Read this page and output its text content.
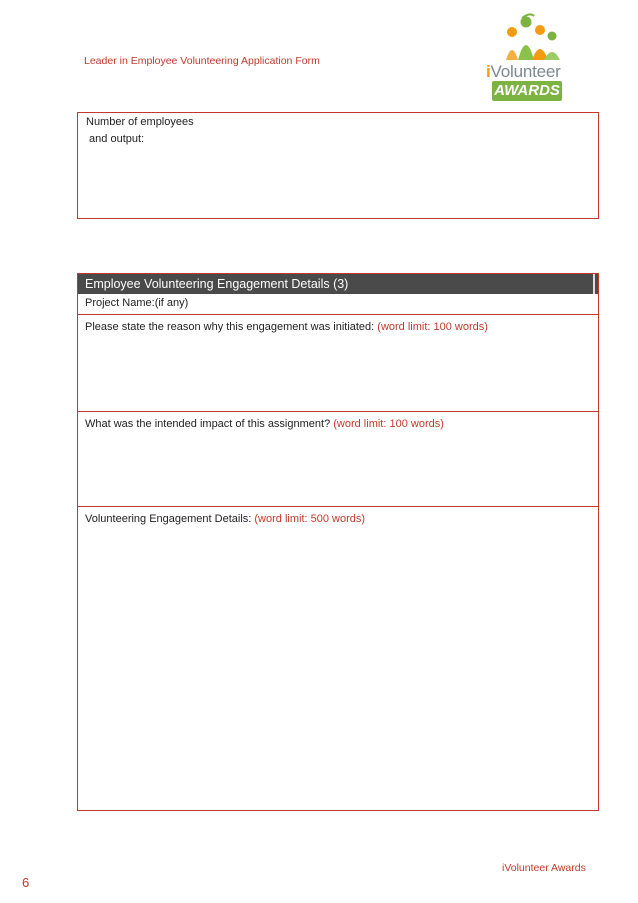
Leader in Employee Volunteering Application Form
iVolunteer
AWARDS
Number of employees
and output:
Employee Volunteering Engagement Details (3)
Project Name:(if any)
Please state the reason why this engagement was initiated: (word limit: 100 words)
What was the intended impact of this assignment? (word limit: 100 words)
Volunteering Engagement Details: (word limit: 500 words)
iVolunteer Awards
6
